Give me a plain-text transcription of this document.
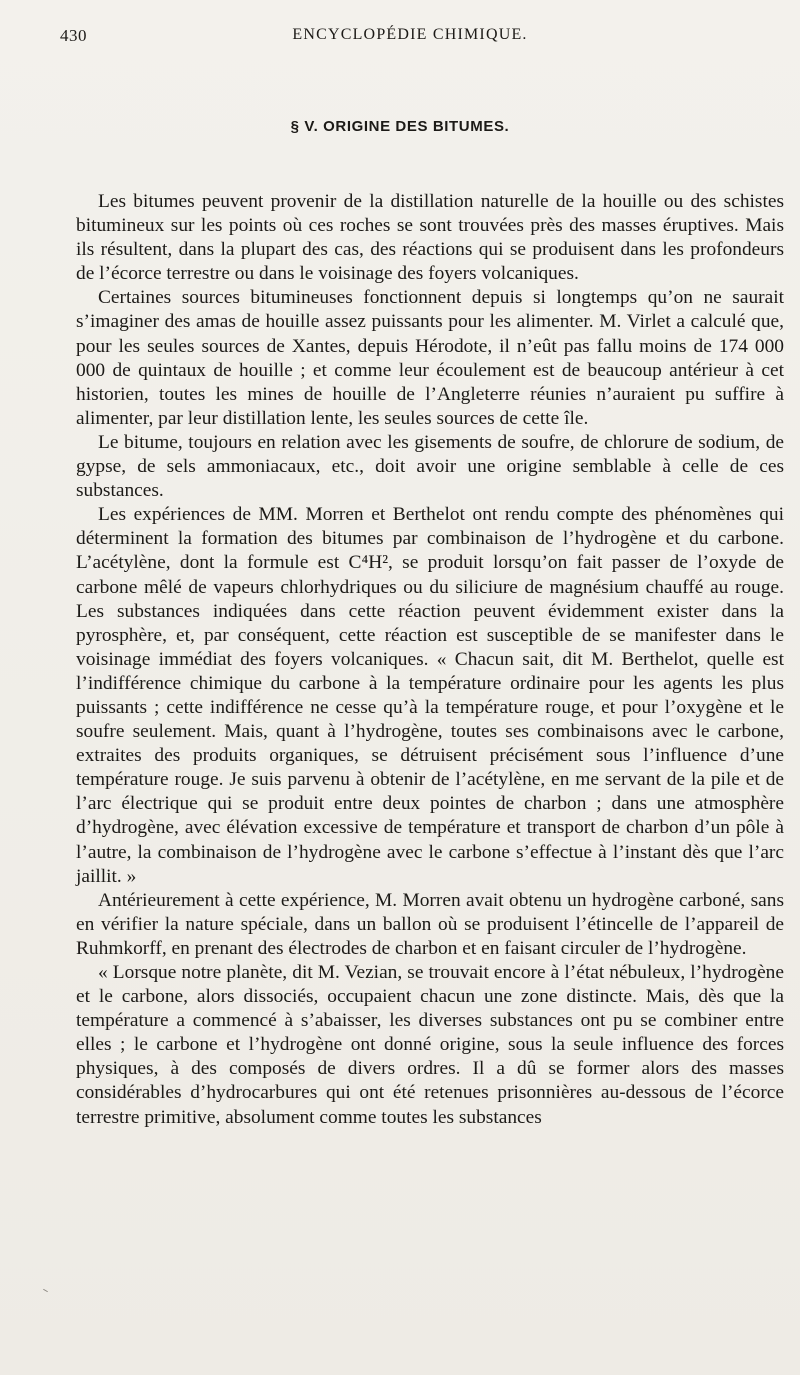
430	ENCYCLOPÉDIE CHIMIQUE.
§ V. ORIGINE DES BITUMES.

Les bitumes peuvent provenir de la distillation naturelle de la houille ou des schistes bitumineux sur les points où ces roches se sont trouvées près des masses éruptives. Mais ils résultent, dans la plupart des cas, des réactions qui se produisent dans les profondeurs de l’écorce terrestre ou dans le voisinage des foyers volcaniques.

Certaines sources bitumineuses fonctionnent depuis si longtemps qu’on ne saurait s’imaginer des amas de houille assez puissants pour les alimenter. M. Virlet a calculé que, pour les seules sources de Xantes, depuis Hérodote, il n’eût pas fallu moins de 174 000 000 de quintaux de houille ; et comme leur écoulement est de beaucoup antérieur à cet historien, toutes les mines de houille de l’Angleterre réunies n’auraient pu suffire à alimenter, par leur distillation lente, les seules sources de cette île.

Le bitume, toujours en relation avec les gisements de soufre, de chlorure de sodium, de gypse, de sels ammoniacaux, etc., doit avoir une origine semblable à celle de ces substances.

Les expériences de MM. Morren et Berthelot ont rendu compte des phénomènes qui déterminent la formation des bitumes par combinaison de l’hydrogène et du carbone. L’acétylène, dont la formule est C⁴H², se produit lorsqu’on fait passer de l’oxyde de carbone mêlé de vapeurs chlorhydriques ou du siliciure de magnésium chauffé au rouge. Les substances indiquées dans cette réaction peuvent évidemment exister dans la pyrosphère, et, par conséquent, cette réaction est susceptible de se manifester dans le voisinage immédiat des foyers volcaniques. « Chacun sait, dit M. Berthelot, quelle est l’indifférence chimique du carbone à la température ordinaire pour les agents les plus puissants ; cette indifférence ne cesse qu’à la température rouge, et pour l’oxygène et le soufre seulement. Mais, quant à l’hydrogène, toutes ses combinaisons avec le carbone, extraites des produits organiques, se détruisent précisément sous l’influence d’une température rouge. Je suis parvenu à obtenir de l’acétylène, en me servant de la pile et de l’arc électrique qui se produit entre deux pointes de charbon ; dans une atmosphère d’hydrogène, avec élévation excessive de température et transport de charbon d’un pôle à l’autre, la combinaison de l’hydrogène avec le carbone s’effectue à l’instant dès que l’arc jaillit. »

Antérieurement à cette expérience, M. Morren avait obtenu un hydrogène carboné, sans en vérifier la nature spéciale, dans un ballon où se produisent l’étincelle de l’appareil de Ruhmkorff, en prenant des électrodes de charbon et en faisant circuler de l’hydrogène.

« Lorsque notre planète, dit M. Vezian, se trouvait encore à l’état nébuleux, l’hydrogène et le carbone, alors dissociés, occupaient chacun une zone distincte. Mais, dès que la température a commencé à s’abaisser, les diverses substances ont pu se combiner entre elles ; le carbone et l’hydrogène ont donné origine, sous la seule influence des forces physiques, à des composés de divers ordres. Il a dû se former alors des masses considérables d’hydrocarbures qui ont été retenues prisonnières au-dessous de l’écorce terrestre primitive, absolument comme toutes les substances
